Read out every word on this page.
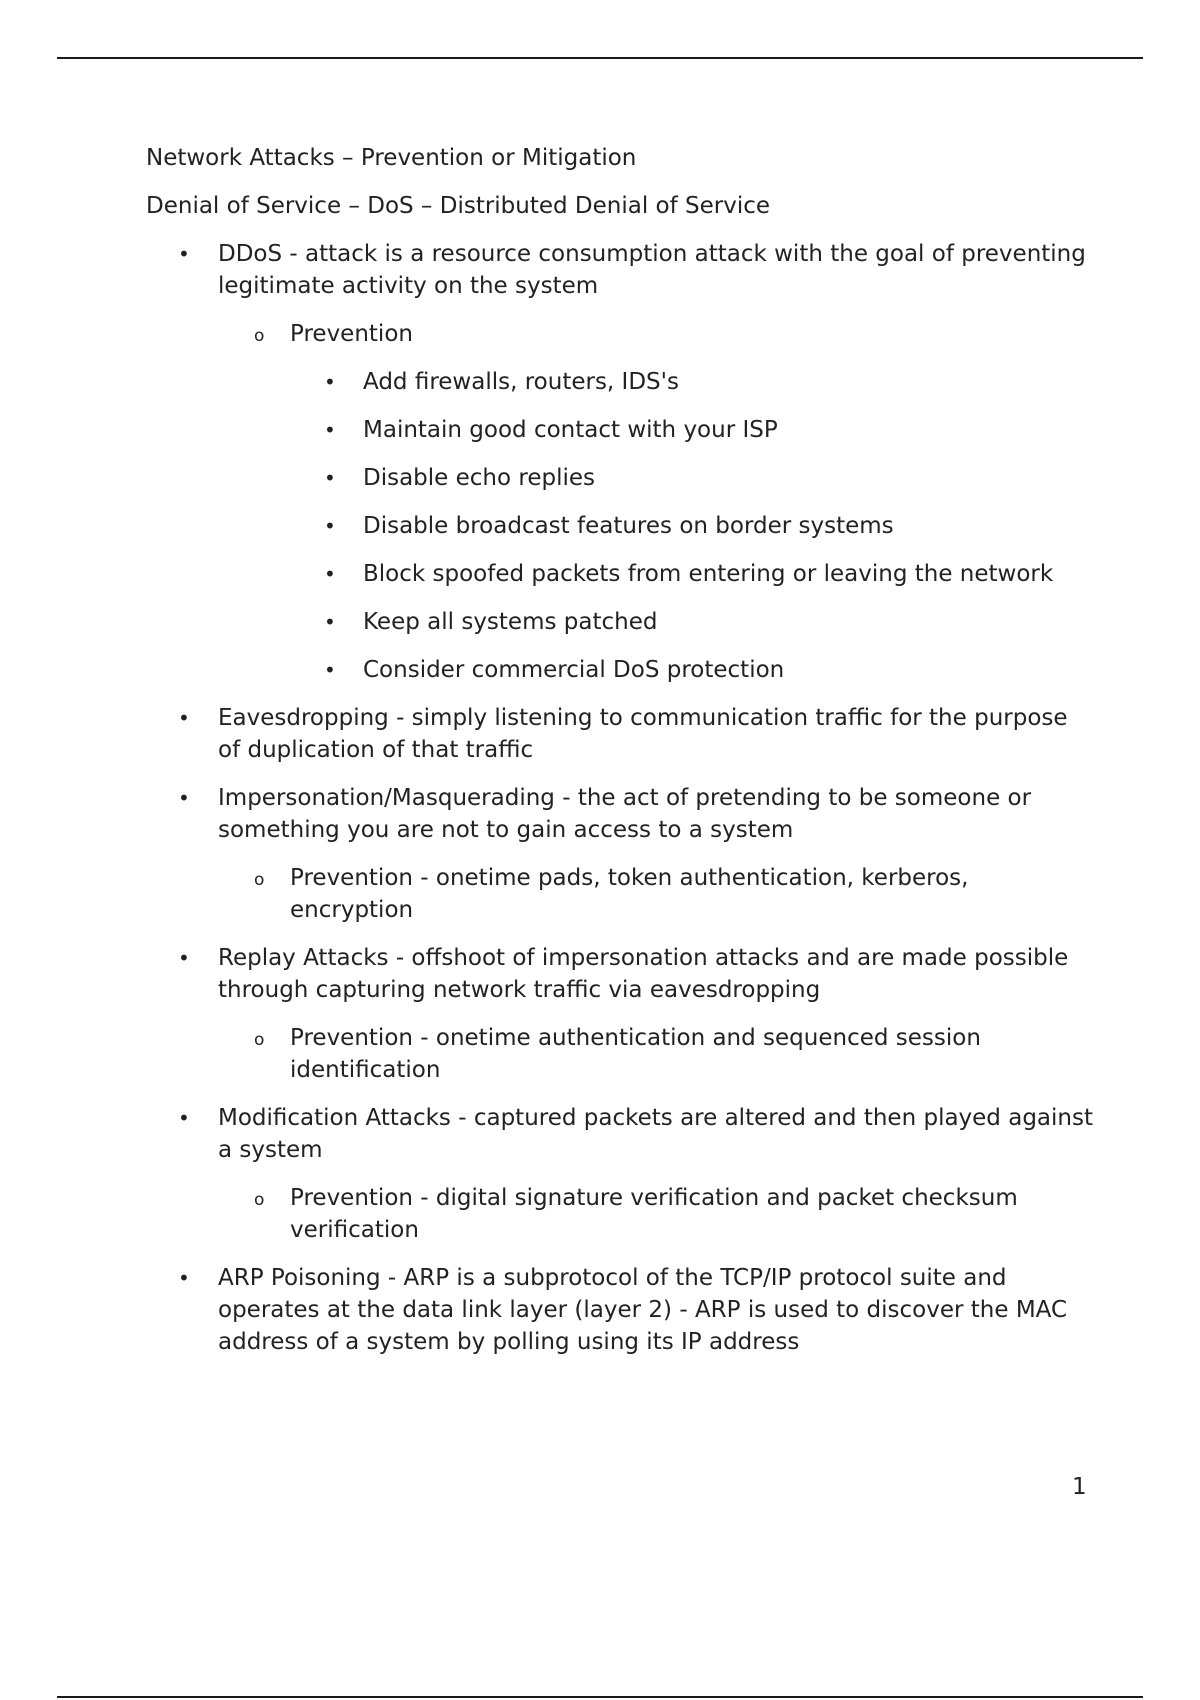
Network Attacks – Prevention or Mitigation

Denial of Service – DoS – Distributed Denial of Service

• DDoS - attack is a resource consumption attack with the goal of preventing legitimate activity on the system
o Prevention
• Add firewalls, routers, IDS's
• Maintain good contact with your ISP
• Disable echo replies
• Disable broadcast features on border systems
• Block spoofed packets from entering or leaving the network
• Keep all systems patched
• Consider commercial DoS protection
• Eavesdropping - simply listening to communication traffic for the purpose of duplication of that traffic
• Impersonation/Masquerading - the act of pretending to be someone or something you are not to gain access to a system
o Prevention - onetime pads, token authentication, kerberos, encryption
• Replay Attacks - offshoot of impersonation attacks and are made possible through capturing network traffic via eavesdropping
o Prevention - onetime authentication and sequenced session identification
• Modification Attacks - captured packets are altered and then played against a system
o Prevention - digital signature verification and packet checksum verification
• ARP Poisoning - ARP is a subprotocol of the TCP/IP protocol suite and operates at the data link layer (layer 2) - ARP is used to discover the MAC address of a system by polling using its IP address
1
